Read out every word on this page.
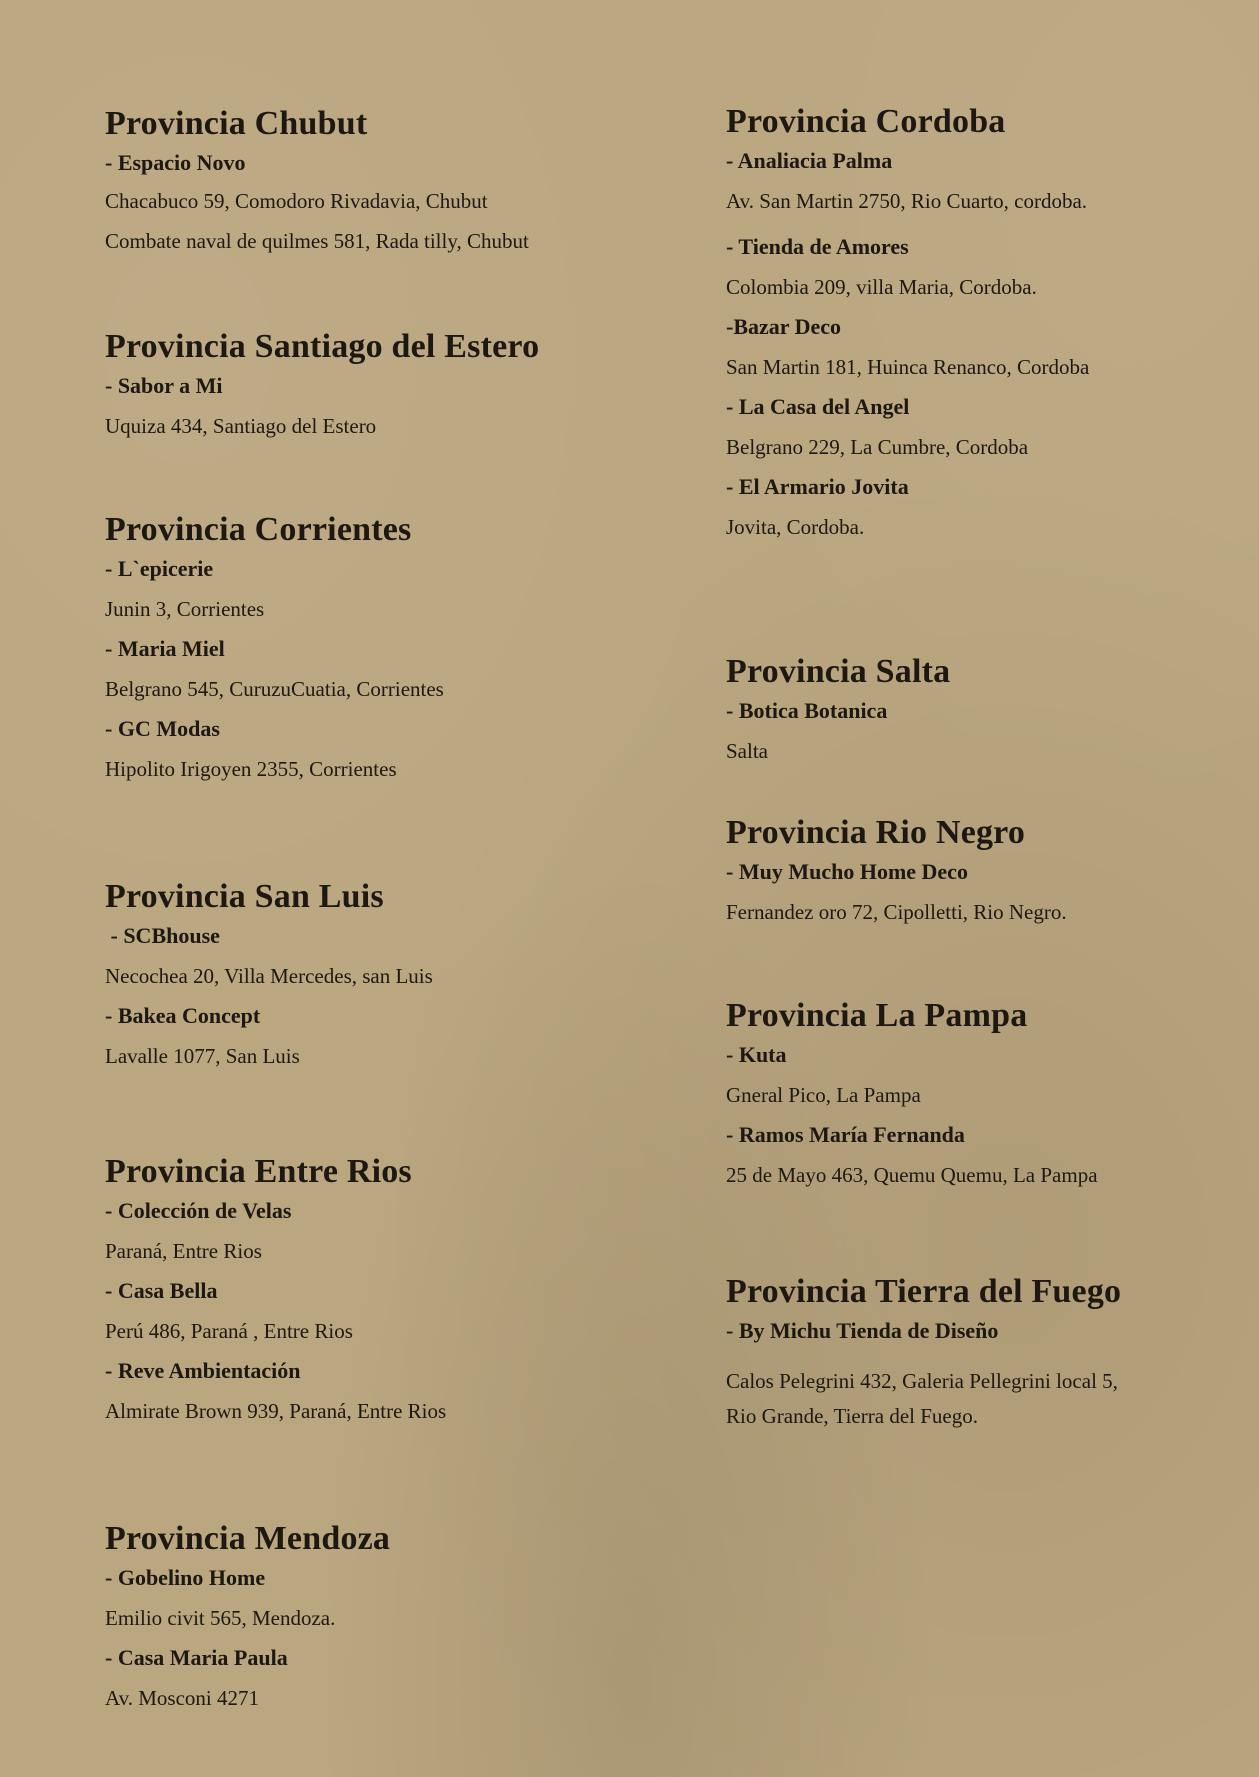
Provincia Chubut
- Espacio Novo
Chacabuco 59, Comodoro Rivadavia, Chubut
Combate naval de quilmes 581, Rada tilly, Chubut
Provincia Santiago del Estero
- Sabor a Mi
Uquiza 434, Santiago del Estero
Provincia Corrientes
- L`epicerie
Junin 3, Corrientes
- Maria Miel
Belgrano 545, CuruzuCuatia, Corrientes
- GC Modas
Hipolito Irigoyen 2355, Corrientes
Provincia San Luis
- SCBhouse
Necochea 20, Villa Mercedes, san Luis
- Bakea Concept
Lavalle 1077, San Luis
Provincia Entre Rios
- Colección de Velas
Paraná, Entre Rios
- Casa Bella
Perú 486, Paraná , Entre Rios
- Reve Ambientación
Almirate Brown 939, Paraná, Entre Rios
Provincia Mendoza
- Gobelino Home
Emilio civit 565, Mendoza.
- Casa Maria Paula
Av. Mosconi 4271
Provincia Cordoba
- Analiacia Palma
Av. San Martin 2750, Rio Cuarto, cordoba.
- Tienda de Amores
Colombia 209, villa Maria, Cordoba.
-Bazar Deco
San Martin 181, Huinca Renanco, Cordoba
- La Casa del Angel
Belgrano 229, La Cumbre, Cordoba
- El Armario Jovita
Jovita, Cordoba.
Provincia Salta
- Botica Botanica
Salta
Provincia Rio Negro
- Muy Mucho Home Deco
Fernandez oro 72, Cipolletti, Rio Negro.
Provincia La Pampa
- Kuta
Gneral Pico, La Pampa
- Ramos María Fernanda
25 de Mayo 463, Quemu Quemu, La Pampa
Provincia Tierra del Fuego
- By Michu Tienda de Diseño
Calos Pelegrini 432, Galeria Pellegrini local 5,
Rio Grande, Tierra del Fuego.
